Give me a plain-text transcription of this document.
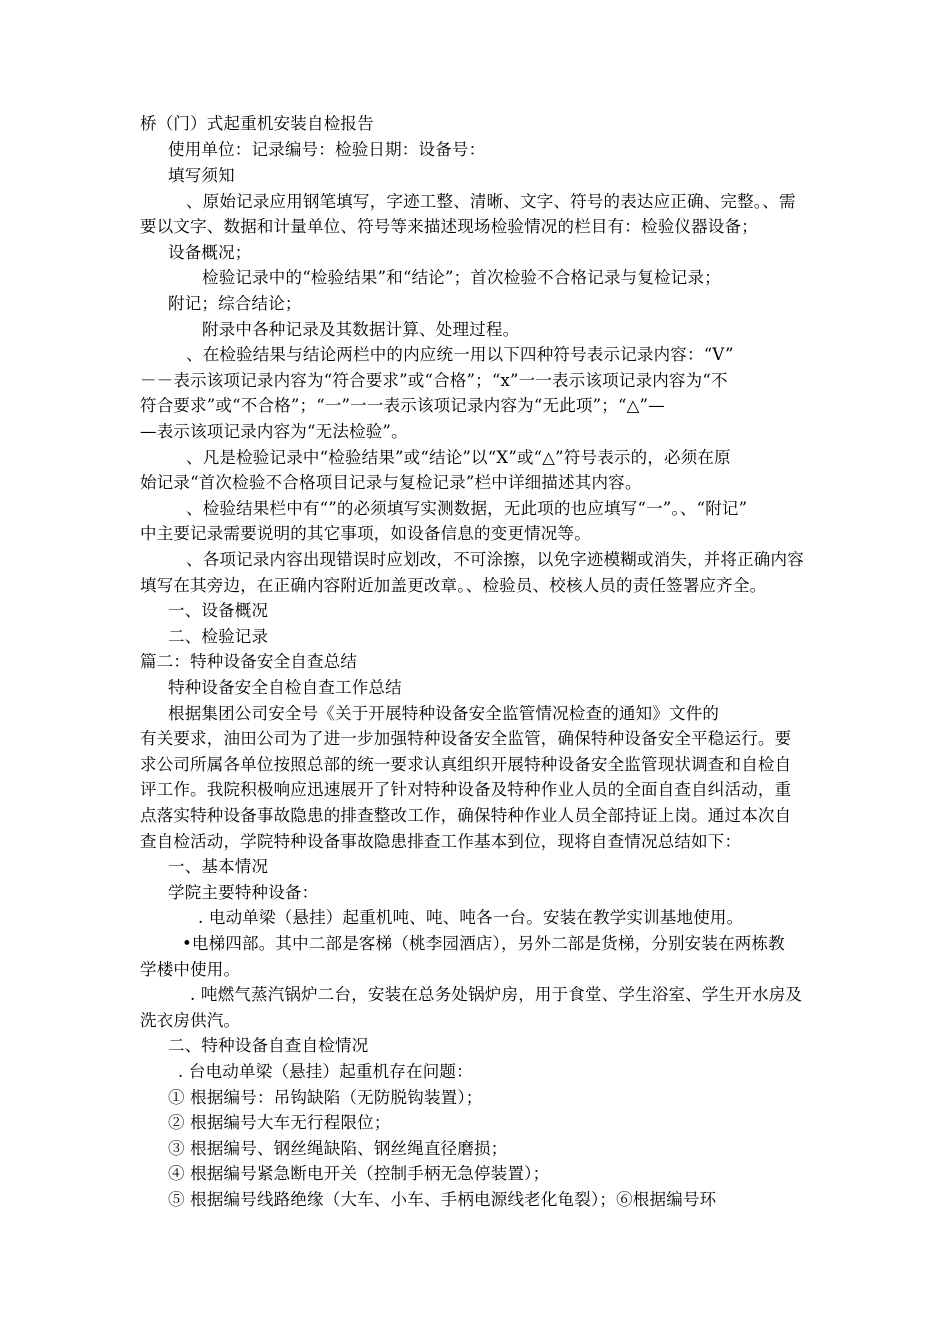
桥（门）式起重机安装自检报告
使用单位：记录编号：检验日期：设备号：
填写须知
、原始记录应用钢笔填写，字迹工整、清晰、文字、符号的表达应正确、完整。、需
要以文字、数据和计量单位、符号等来描述现场检验情况的栏目有：检验仪器设备；
设备概况；
检验记录中的“检验结果”和“结论”；首次检验不合格记录与复检记录；
附记；综合结论；
附录中各种记录及其数据计算、处理过程。
、在检验结果与结论两栏中的内应统一用以下四种符号表示记录内容：“V”
－－表示该项记录内容为“符合要求”或“合格”；“x”一一表示该项记录内容为“不
符合要求”或“不合格”；“一”一一表示该项记录内容为“无此项”；“△”—
—表示该项记录内容为“无法检验”。
、凡是检验记录中“检验结果”或“结论”以“X”或“△”符号表示的，必须在原
始记录“首次检验不合格项目记录与复检记录”栏中详细描述其内容。
、检验结果栏中有“”的必须填写实测数据，无此项的也应填写“一”。、“附记”
中主要记录需要说明的其它事项，如设备信息的变更情况等。
、各项记录内容出现错误时应划改，不可涂擦，以免字迹模糊或消失，并将正确内容
填写在其旁边，在正确内容附近加盖更改章。、检验员、校核人员的责任签署应齐全。
一、设备概况
二、检验记录
篇二：特种设备安全自查总结
特种设备安全自检自查工作总结
根据集团公司安全号《关于开展特种设备安全监管情况检查的通知》文件的
有关要求，油田公司为了进一步加强特种设备安全监管，确保特种设备安全平稳运行。要
求公司所属各单位按照总部的统一要求认真组织开展特种设备安全监管现状调查和自检自
评工作。我院积极响应迅速展开了针对特种设备及特种作业人员的全面自查自纠活动，重
点落实特种设备事故隐患的排查整改工作，确保特种作业人员全部持证上岗。通过本次自
查自检活动，学院特种设备事故隐患排查工作基本到位，现将自查情况总结如下：
一、基本情况
学院主要特种设备：
. 电动单梁（悬挂）起重机吨、吨、吨各一台。安装在教学实训基地使用。
•电梯四部。其中二部是客梯（桃李园酒店），另外二部是货梯，分别安装在两栋教
学楼中使用。
. 吨燃气蒸汽锅炉二台，安装在总务处锅炉房，用于食堂、学生浴室、学生开水房及
洗衣房供汽。
二、特种设备自查自检情况
. 台电动单梁（悬挂）起重机存在问题：
① 根据编号：吊钩缺陷（无防脱钩装置）；
② 根据编号大车无行程限位；
③ 根据编号、钢丝绳缺陷、钢丝绳直径磨损；
④ 根据编号紧急断电开关（控制手柄无急停装置）；
⑤ 根据编号线路绝缘（大车、小车、手柄电源线老化龟裂）；⑥根据编号环
